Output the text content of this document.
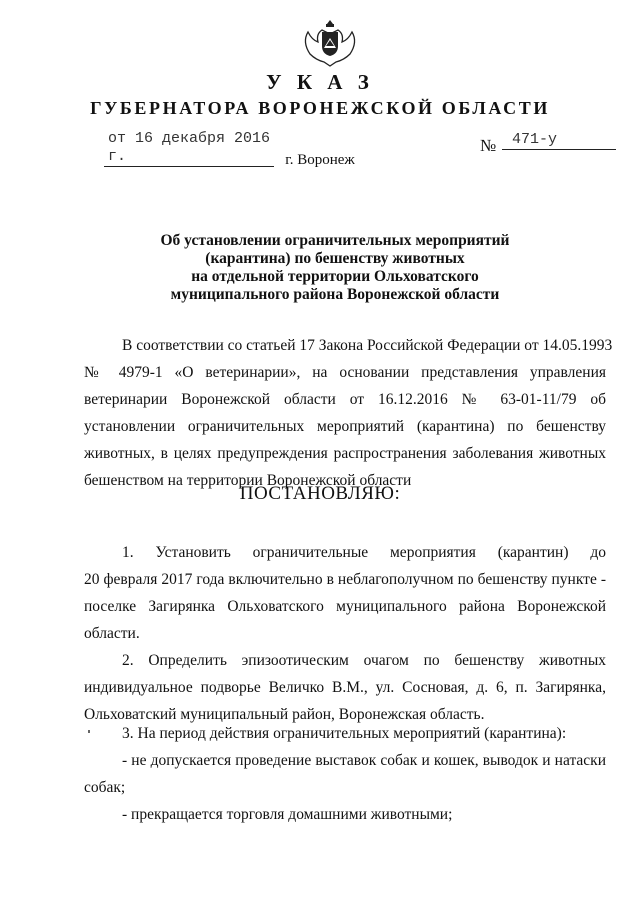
У К А З
ГУБЕРНАТОРА ВОРОНЕЖСКОЙ ОБЛАСТИ
от 16 декабря 2016 г.
№	471-у
г. Воронеж
Об установлении ограничительных мероприятий
(карантина) по бешенству животных
на отдельной территории Ольховатского
муниципального района Воронежской области
В соответствии со статьей 17 Закона Российской Федерации от 14.05.1993
№ 4979-1 «О ветеринарии», на основании представления управления
ветеринарии Воронежской области от 16.12.2016 № 63-01-11/79 об
установлении ограничительных мероприятий (карантина) по бешенству
животных, в целях предупреждения распространения заболевания животных
бешенством на территории Воронежской области
ПОСТАНОВЛЯЮ:
1. Установить ограничительные мероприятия (карантин) до
20 февраля 2017 года включительно в неблагополучном по бешенству пункте -
поселке Загирянка Ольховатского муниципального района Воронежской
области.
2. Определить эпизоотическим очагом по бешенству животных
индивидуальное подворье Величко В.М., ул. Сосновая, д. 6, п. Загирянка,
Ольховатский муниципальный район, Воронежская область.
3. На период действия ограничительных мероприятий (карантина):
- не допускается проведение выставок собак и кошек, выводок и натаски
собак;
- прекращается торговля домашними животными;
